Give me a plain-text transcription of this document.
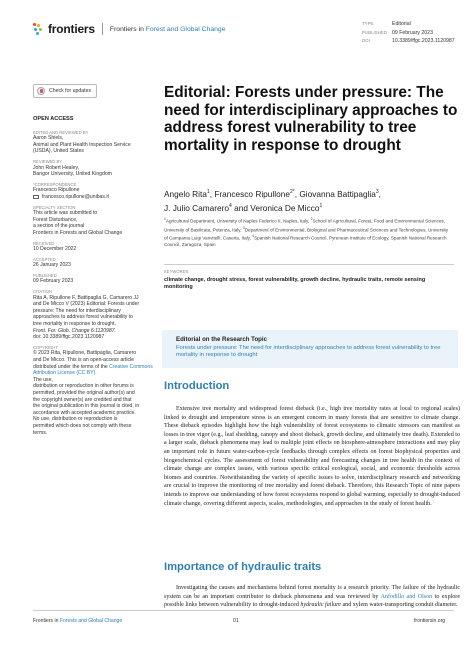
frontiers Frontiers in Forest and Global Change
TYPE	Editorial
PUBLISHED 09 February 2023
DOI	10.3389/ffgc.2023.1120987
Check for updates
OPEN ACCESS
EDITED AND REVIEWED BY
Aaron Shiels,
Animal and Plant Health Inspection Service
(USDA), United States
REVIEWED BY
John Robert Healey,
Bangor University, United Kingdom
*CORRESPONDENCE
Francesco Ripullone
francesco.ripullone@unibas.it
SPECIALTY SECTION
This article was submitted to
Forest Disturbance,
a section of the journal
Frontiers in Forests and Global Change
RECEIVED
10 December 2022
ACCEPTED
26 January 2023
PUBLISHED
09 February 2023
CITATION
Rita A, Ripullone F, Battipaglia G, Camarero JJ
and De Micco V (2023) Editorial: Forests under
pressure: The need for interdisciplinary
approaches to address forest vulnerability to
tree mortality in response to drought.
Front. For. Glob. Change 6:1120987.
doi: 10.3389/ffgc.2023.1120987
COPYRIGHT
© 2023 Rita, Ripullone, Battipaglia, Camarero
and De Micco. This is an open-access article
distributed under the terms of the Creative Commons Attribution License (CC BY).
The use,
distribution or reproduction in other forums is
permitted, provided the original author(s) and
the copyright owner(s) are credited and that
the original publication in this journal is cited, in
accordance with accepted academic practice.
No use, distribution or reproduction is
permitted which does not comply with these
terms.
Editorial: Forests under pressure: The need for interdisciplinary approaches to address forest vulnerability to tree mortality in response to drought
Angelo Rita$^1$, Francesco Ripullone$^{2*}$, Giovanna Battipaglia$^3$,
J. Julio Camarero$^4$ and Veronica De Micco$^1$
$^1$Agricultural Department, University of Naples Federico II, Naples, Italy, $^2$School of Agricultural, Forest, Food and Environmental Sciences, University of Basilicata, Potenza, Italy, $^3$Department of Environmental, Biological and Pharmaceutical Sciences and Technologies, University of Campania Luigi Vanvitelli, Caserta, Italy, $^4$Spanish National Research Council, Pyrenean Institute of Ecology, Spanish National Research Council, Zaragoza, Spain
KEYWORDS
climate change, drought stress, forest vulnerability, growth decline, hydraulic traits, remote sensing monitoring
Editorial on the Research Topic
Forests under pressure: The need for interdisciplinary approaches to address forest vulnerability to tree mortality in response to drought
Introduction

Extensive tree mortality and widespread forest dieback (i.e., high tree mortality rates at local to regional scales) linked to drought and temperature stress is an emergent concern in many forests that are sensitive to climate change. These dieback episodes highlight how the high vulnerability of forest ecosystems to climatic stressors can manifest as losses in tree vigor (e.g., leaf shedding, canopy and shoot dieback, growth decline, and ultimately tree death). Extended to a larger scale, dieback phenomena may lead to multiple joint effects on biosphere-atmosphere interactions and may play an important role in future water-carbon-cycle feedbacks through complex effects on forest biophysical properties and biogeochemical cycles. The assessment of forest vulnerability and forecasting changes in tree health in the context of climate change are complex issues, with various specific critical ecological, social, and economic thresholds across biomes and countries. Notwithstanding the variety of specific issues to solve, interdisciplinary research and networking are crucial to improve the monitoring of tree mortality and forest dieback. Therefore, this Research Topic of nine papers intends to improve our understanding of how forest ecosystems respond to global warming, especially to drought-induced climate change, covering different aspects, scales, methodologies, and approaches in the study of forest health.

Importance of hydraulic traits

Investigating the causes and mechanisms behind forest mortality is a research priority. The failure of the hydraulic system can be an important contributor to dieback phenomena and was reviewed by Anfodillo and Olson to explore possible links between vulnerability to drought-induced hydraulic failure and xylem water-transporting conduit diameter.

Frontiers in Forests and Global Change	01	frontiersin.org
